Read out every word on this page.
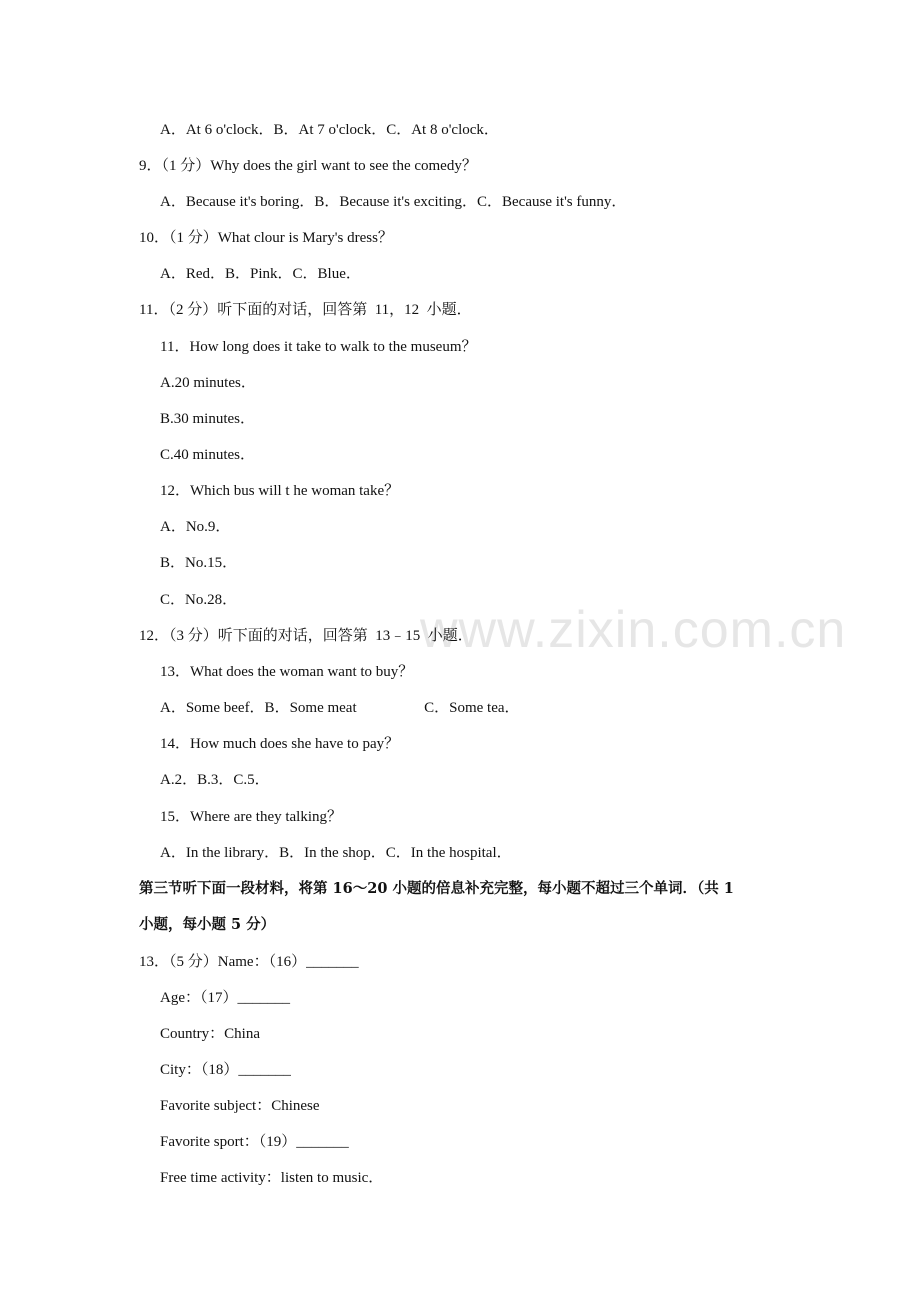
www.zixin.com.cn
A．At 6 o'clock．B．At 7 o'clock．C．At 8 o'clock．
9．（1 分）Why does the girl want to see the comedy？
A．Because it's boring．B．Because it's exciting．C．Because it's funny．
10．（1 分）What clour is Mary's dress？
A．Red．B．Pink．C．Blue．
11．（2 分）听下面的对话，回答第  11，12  小题．
11．How long does it take to walk to the museum？
A.20 minutes．
B.30 minutes．
C.40 minutes．
12．Which bus will t he woman take？
A．No.9．
B．No.15．
C．No.28．
12．（3 分）听下面的对话，回答第  13﹣15  小题．
13．What does the woman want to buy？
A．Some beef．B．Some meat                  C．Some tea．
14．How much does she have to pay？
A.2．B.3．C.5．
15．Where are they talking？
A．In the library．B．In the shop．C．In the hospital．
第三节听下面一段材料，将第 16～20 小题的倍息补充完整，每小题不超过三个单词．（共 1
小题，每小题 5 分）
13．（5 分）Name：（16）_______
Age：（17）_______
Country：China
City：（18）_______
Favorite subject：Chinese
Favorite sport：（19）_______
Free time activity：listen to music．
